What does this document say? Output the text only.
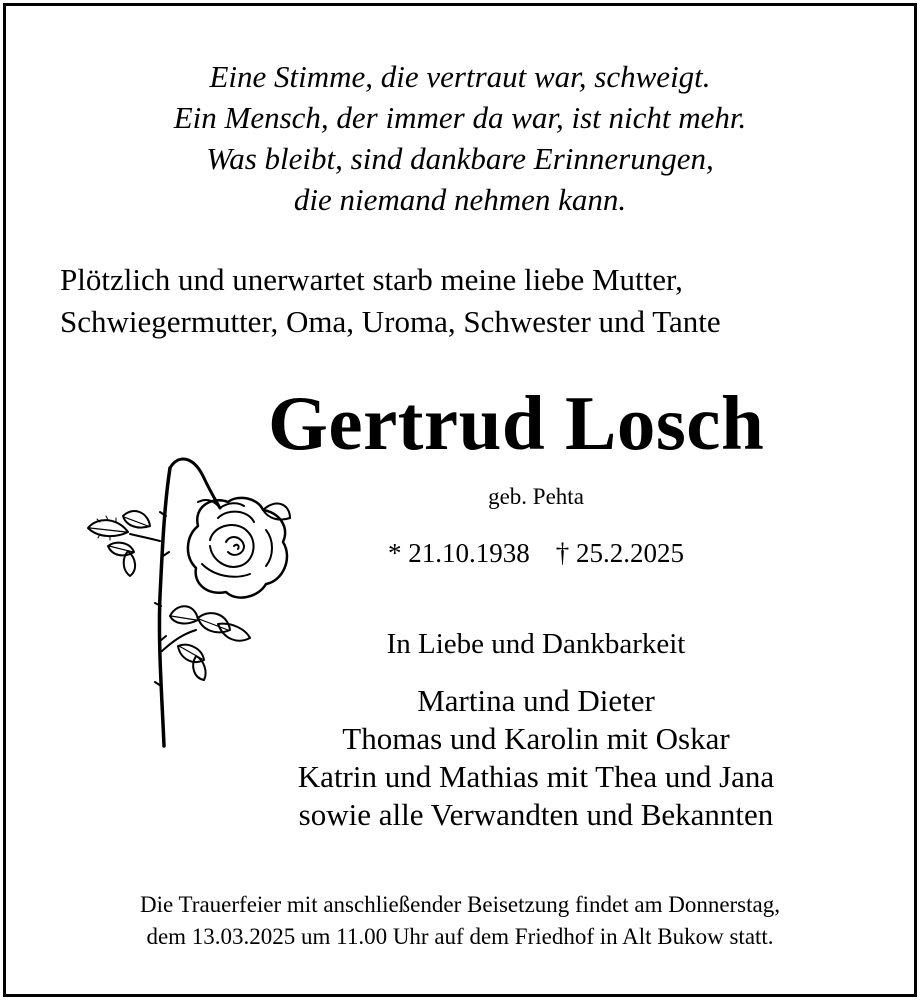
Eine Stimme, die vertraut war, schweigt.
Ein Mensch, der immer da war, ist nicht mehr.
Was bleibt, sind dankbare Erinnerungen,
die niemand nehmen kann.
Plötzlich und unerwartet starb meine liebe Mutter,
Schwiegermutter, Oma, Uroma, Schwester und Tante
Gertrud Losch
geb. Pehta
* 21.10.1938 † 25.2.2025
In Liebe und Dankbarkeit
Martina und Dieter
Thomas und Karolin mit Oskar
Katrin und Mathias mit Thea und Jana
sowie alle Verwandten und Bekannten
Die Trauerfeier mit anschließender Beisetzung findet am Donnerstag,
dem 13.03.2025 um 11.00 Uhr auf dem Friedhof in Alt Bukow statt.
